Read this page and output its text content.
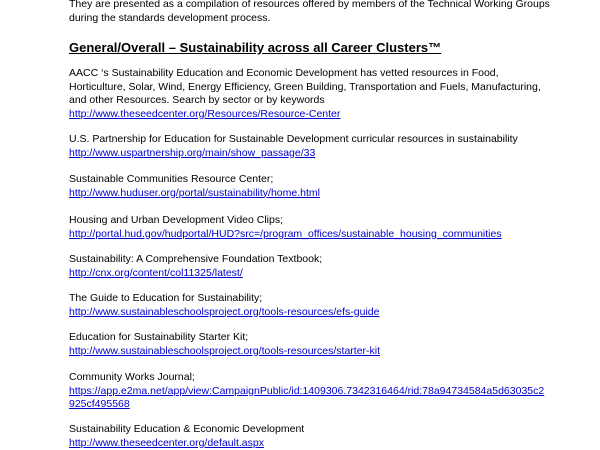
They are presented as a compilation of resources offered by members of the Technical Working Groups during the standards development process.
General/Overall – Sustainability across all Career Clusters™
AACC ‘s Sustainability Education and Economic Development has vetted resources in Food, Horticulture, Solar, Wind, Energy Efficiency, Green Building, Transportation and Fuels, Manufacturing, and other Resources. Search by sector or by keywords
http://www.theseedcenter.org/Resources/Resource-Center
U.S. Partnership for Education for Sustainable Development curricular resources in sustainability
http://www.uspartnership.org/main/show_passage/33
Sustainable Communities Resource Center;
http://www.huduser.org/portal/sustainability/home.html
Housing and Urban Development Video Clips;
http://portal.hud.gov/hudportal/HUD?src=/program_offices/sustainable_housing_communities
Sustainability: A Comprehensive Foundation Textbook;
http://cnx.org/content/col11325/latest/
The Guide to Education for Sustainability;
http://www.sustainableschoolsproject.org/tools-resources/efs-guide
Education for Sustainability Starter Kit;
http://www.sustainableschoolsproject.org/tools-resources/starter-kit
Community Works Journal;
https://app.e2ma.net/app/view:CampaignPublic/id:1409306.7342316464/rid:78a94734584a5d63035c2925cf495568
Sustainability Education & Economic Development
http://www.theseedcenter.org/default.aspx
